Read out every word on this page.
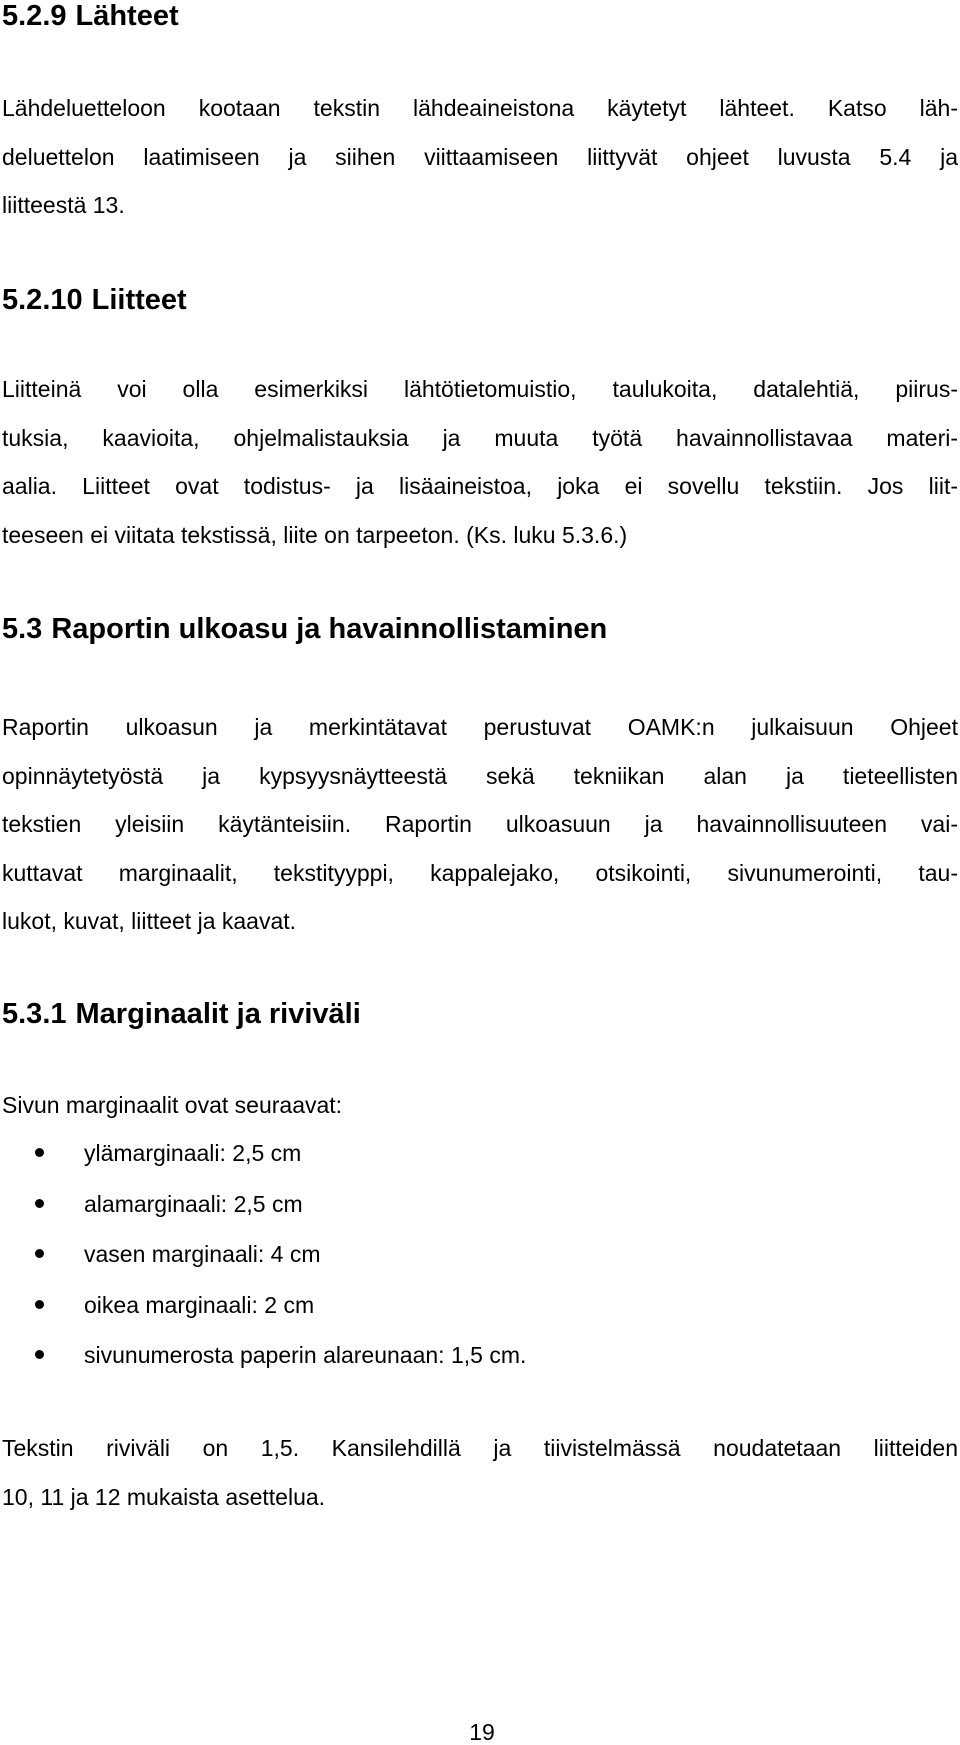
5.2.9 Lähteet

Lähdeluetteloon kootaan tekstin lähdeaineistona käytetyt lähteet. Katso läh-
deluettelon laatimiseen ja siihen viittaamiseen liittyvät ohjeet luvusta 5.4 ja
liitteestä 13.

5.2.10 Liitteet

Liitteinä voi olla esimerkiksi lähtötietomuistio, taulukoita, datalehtiä, piirus-
tuksia, kaavioita, ohjelmalistauksia ja muuta työtä havainnollistavaa materi-
aalia. Liitteet ovat todistus- ja lisäaineistoa, joka ei sovellu tekstiin. Jos liit-
teeseen ei viitata tekstissä, liite on tarpeeton. (Ks. luku 5.3.6.)

5.3 Raportin ulkoasu ja havainnollistaminen

Raportin ulkoasun ja merkintätavat perustuvat OAMK:n julkaisuun Ohjeet
opinnäytetyöstä ja kypsyysnäytteestä sekä tekniikan alan ja tieteellisten
tekstien yleisiin käytänteisiin. Raportin ulkoasuun ja havainnollisuuteen vai-
kuttavat marginaalit, tekstityyppi, kappalejako, otsikointi, sivunumerointi, tau-
lukot, kuvat, liitteet ja kaavat.

5.3.1 Marginaalit ja riviväli

Sivun marginaalit ovat seuraavat:

ylämarginaali: 2,5 cm
alamarginaali: 2,5 cm
vasen marginaali: 4 cm
oikea marginaali: 2 cm
sivunumerosta paperin alareunaan: 1,5 cm.

Tekstin riviväli on 1,5. Kansilehdillä ja tiivistelmässä noudatetaan liitteiden
10, 11 ja 12 mukaista asettelua.

19
